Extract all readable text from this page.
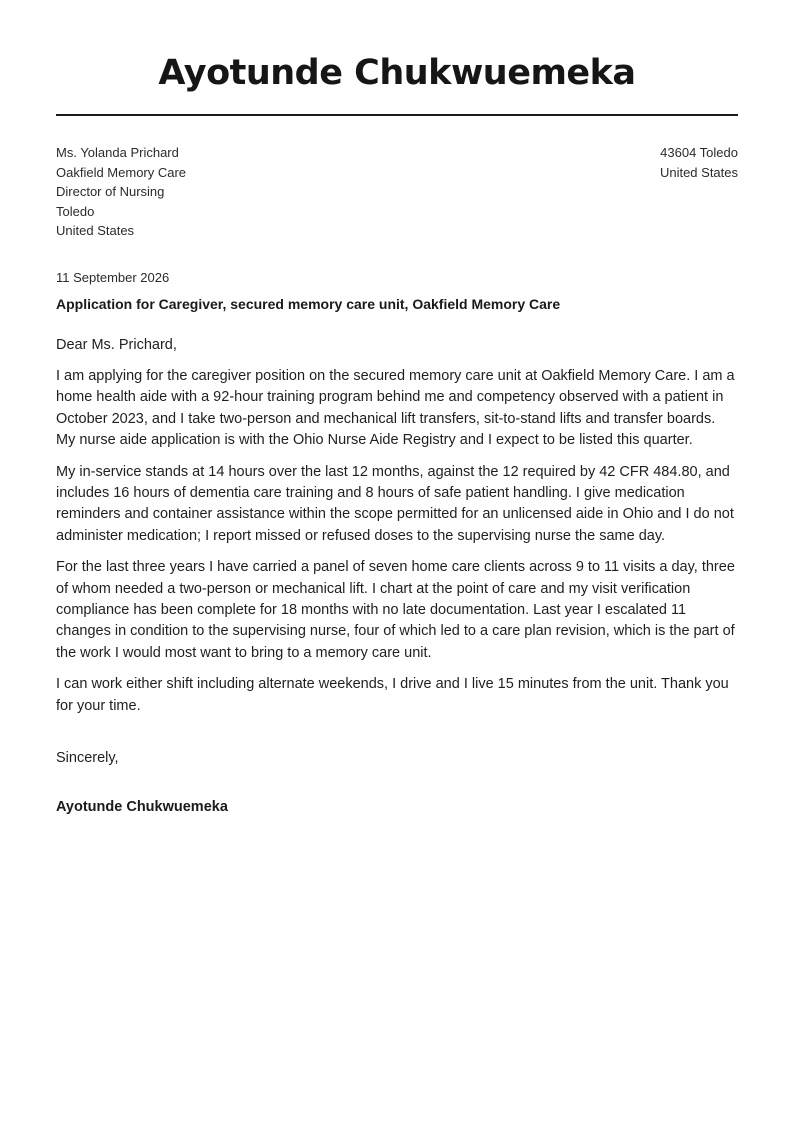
Ayotunde Chukwuemeka
Ms. Yolanda Prichard
Oakfield Memory Care
Director of Nursing
Toledo
United States
43604 Toledo
United States
11 September 2026
Application for Caregiver, secured memory care unit, Oakfield Memory Care
Dear Ms. Prichard,

I am applying for the caregiver position on the secured memory care unit at Oakfield Memory Care. I am a home health aide with a 92-hour training program behind me and competency observed with a patient in October 2023, and I take two-person and mechanical lift transfers, sit-to-stand lifts and transfer boards. My nurse aide application is with the Ohio Nurse Aide Registry and I expect to be listed this quarter.

My in-service stands at 14 hours over the last 12 months, against the 12 required by 42 CFR 484.80, and includes 16 hours of dementia care training and 8 hours of safe patient handling. I give medication reminders and container assistance within the scope permitted for an unlicensed aide in Ohio and I do not administer medication; I report missed or refused doses to the supervising nurse the same day.

For the last three years I have carried a panel of seven home care clients across 9 to 11 visits a day, three of whom needed a two-person or mechanical lift. I chart at the point of care and my visit verification compliance has been complete for 18 months with no late documentation. Last year I escalated 11 changes in condition to the supervising nurse, four of which led to a care plan revision, which is the part of the work I would most want to bring to a memory care unit.

I can work either shift including alternate weekends, I drive and I live 15 minutes from the unit. Thank you for your time.

Sincerely,
Ayotunde Chukwuemeka
